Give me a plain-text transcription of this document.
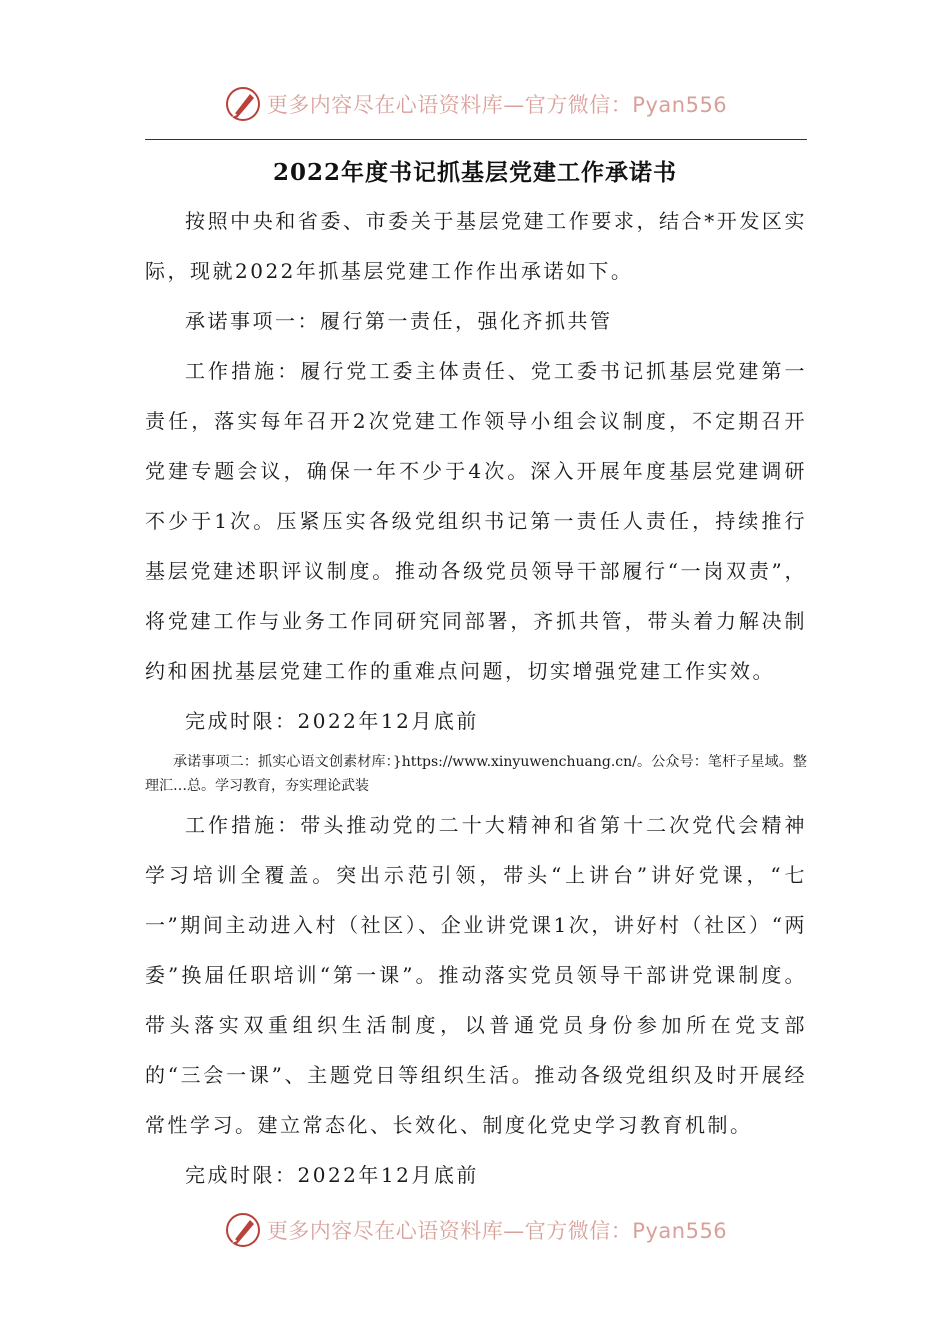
更多内容尽在心语资料库—官方微信：Pyan556
2022年度书记抓基层党建工作承诺书

按照中央和省委、市委关于基层党建工作要求，结合*开发区实际，现就2022年抓基层党建工作作出承诺如下。

承诺事项一：履行第一责任，强化齐抓共管

工作措施：履行党工委主体责任、党工委书记抓基层党建第一责任，落实每年召开2次党建工作领导小组会议制度，不定期召开党建专题会议，确保一年不少于4次。深入开展年度基层党建调研不少于1次。压紧压实各级党组织书记第一责任人责任，持续推行基层党建述职评议制度。推动各级党员领导干部履行“一岗双责”，将党建工作与业务工作同研究同部署，齐抓共管，带头着力解决制约和困扰基层党建工作的重难点问题，切实增强党建工作实效。

完成时限：2022年12月底前

承诺事项二：抓实心语文创素材库：}https://www.xinyuwenchuang.cn/。公众号：笔杆子星域。整理汇…总。学习教育，夯实理论武装

工作措施：带头推动党的二十大精神和省第十二次党代会精神学习培训全覆盖。突出示范引领，带头“上讲台”讲好党课，“七一”期间主动进入村（社区）、企业讲党课1次，讲好村（社区）“两委”换届任职培训“第一课”。推动落实党员领导干部讲党课制度。带头落实双重组织生活制度，以普通党员身份参加所在党支部的“三会一课”、主题党日等组织生活。推动各级党组织及时开展经常性学习。建立常态化、长效化、制度化党史学习教育机制。

完成时限：2022年12月底前

更多内容尽在心语资料库—官方微信：Pyan556
